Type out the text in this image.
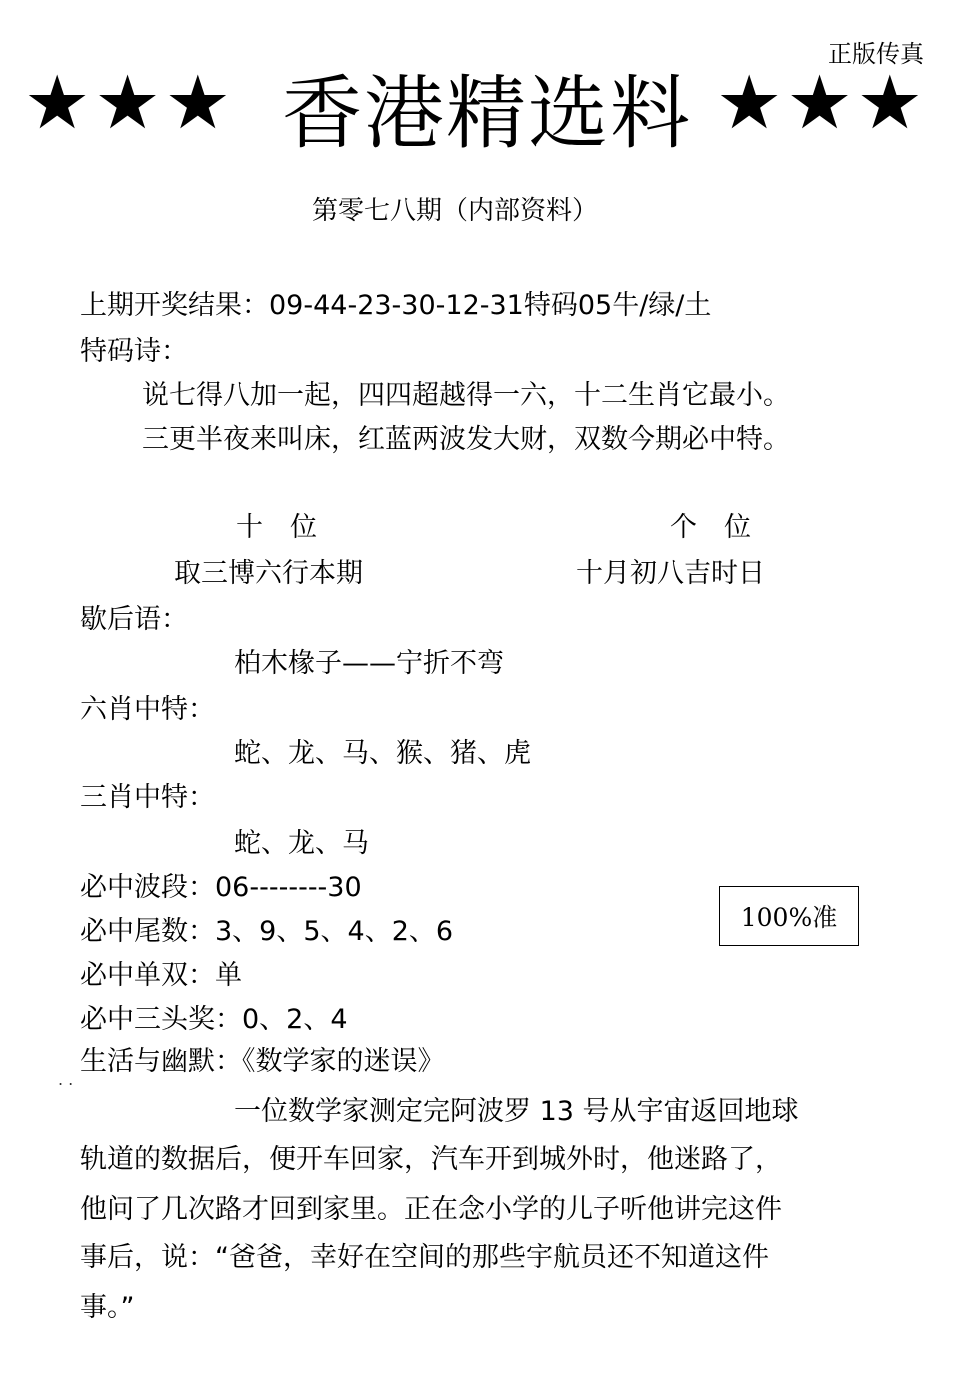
正版传真
★★★ 香港精选料 ★★★
第零七八期（内部资料）
上期开奖结果：09-44-23-30-12-31特码05牛/绿/土
特码诗：
说七得八加一起，四四超越得一六，十二生肖它最小。
三更半夜来叫床，红蓝两波发大财，双数今期必中特。
十　位	个　位
取三博六行本期	十月初八吉时日
歇后语：
柏木椽子——宁折不弯
六肖中特：
蛇、龙、马、猴、猪、虎
三肖中特：
蛇、龙、马
必中波段：06--------30
必中尾数：3、9、5、4、2、6
必中单双：单
必中三头奖：0、2、4
100%准
生活与幽默：《数学家的迷误》
. .
一位数学家测定完阿波罗 13 号从宇宙返回地球
轨道的数据后，便开车回家，汽车开到城外时，他迷路了，
他问了几次路才回到家里。正在念小学的儿子听他讲完这件
事后，说：“爸爸，幸好在空间的那些宇航员还不知道这件
事。”
